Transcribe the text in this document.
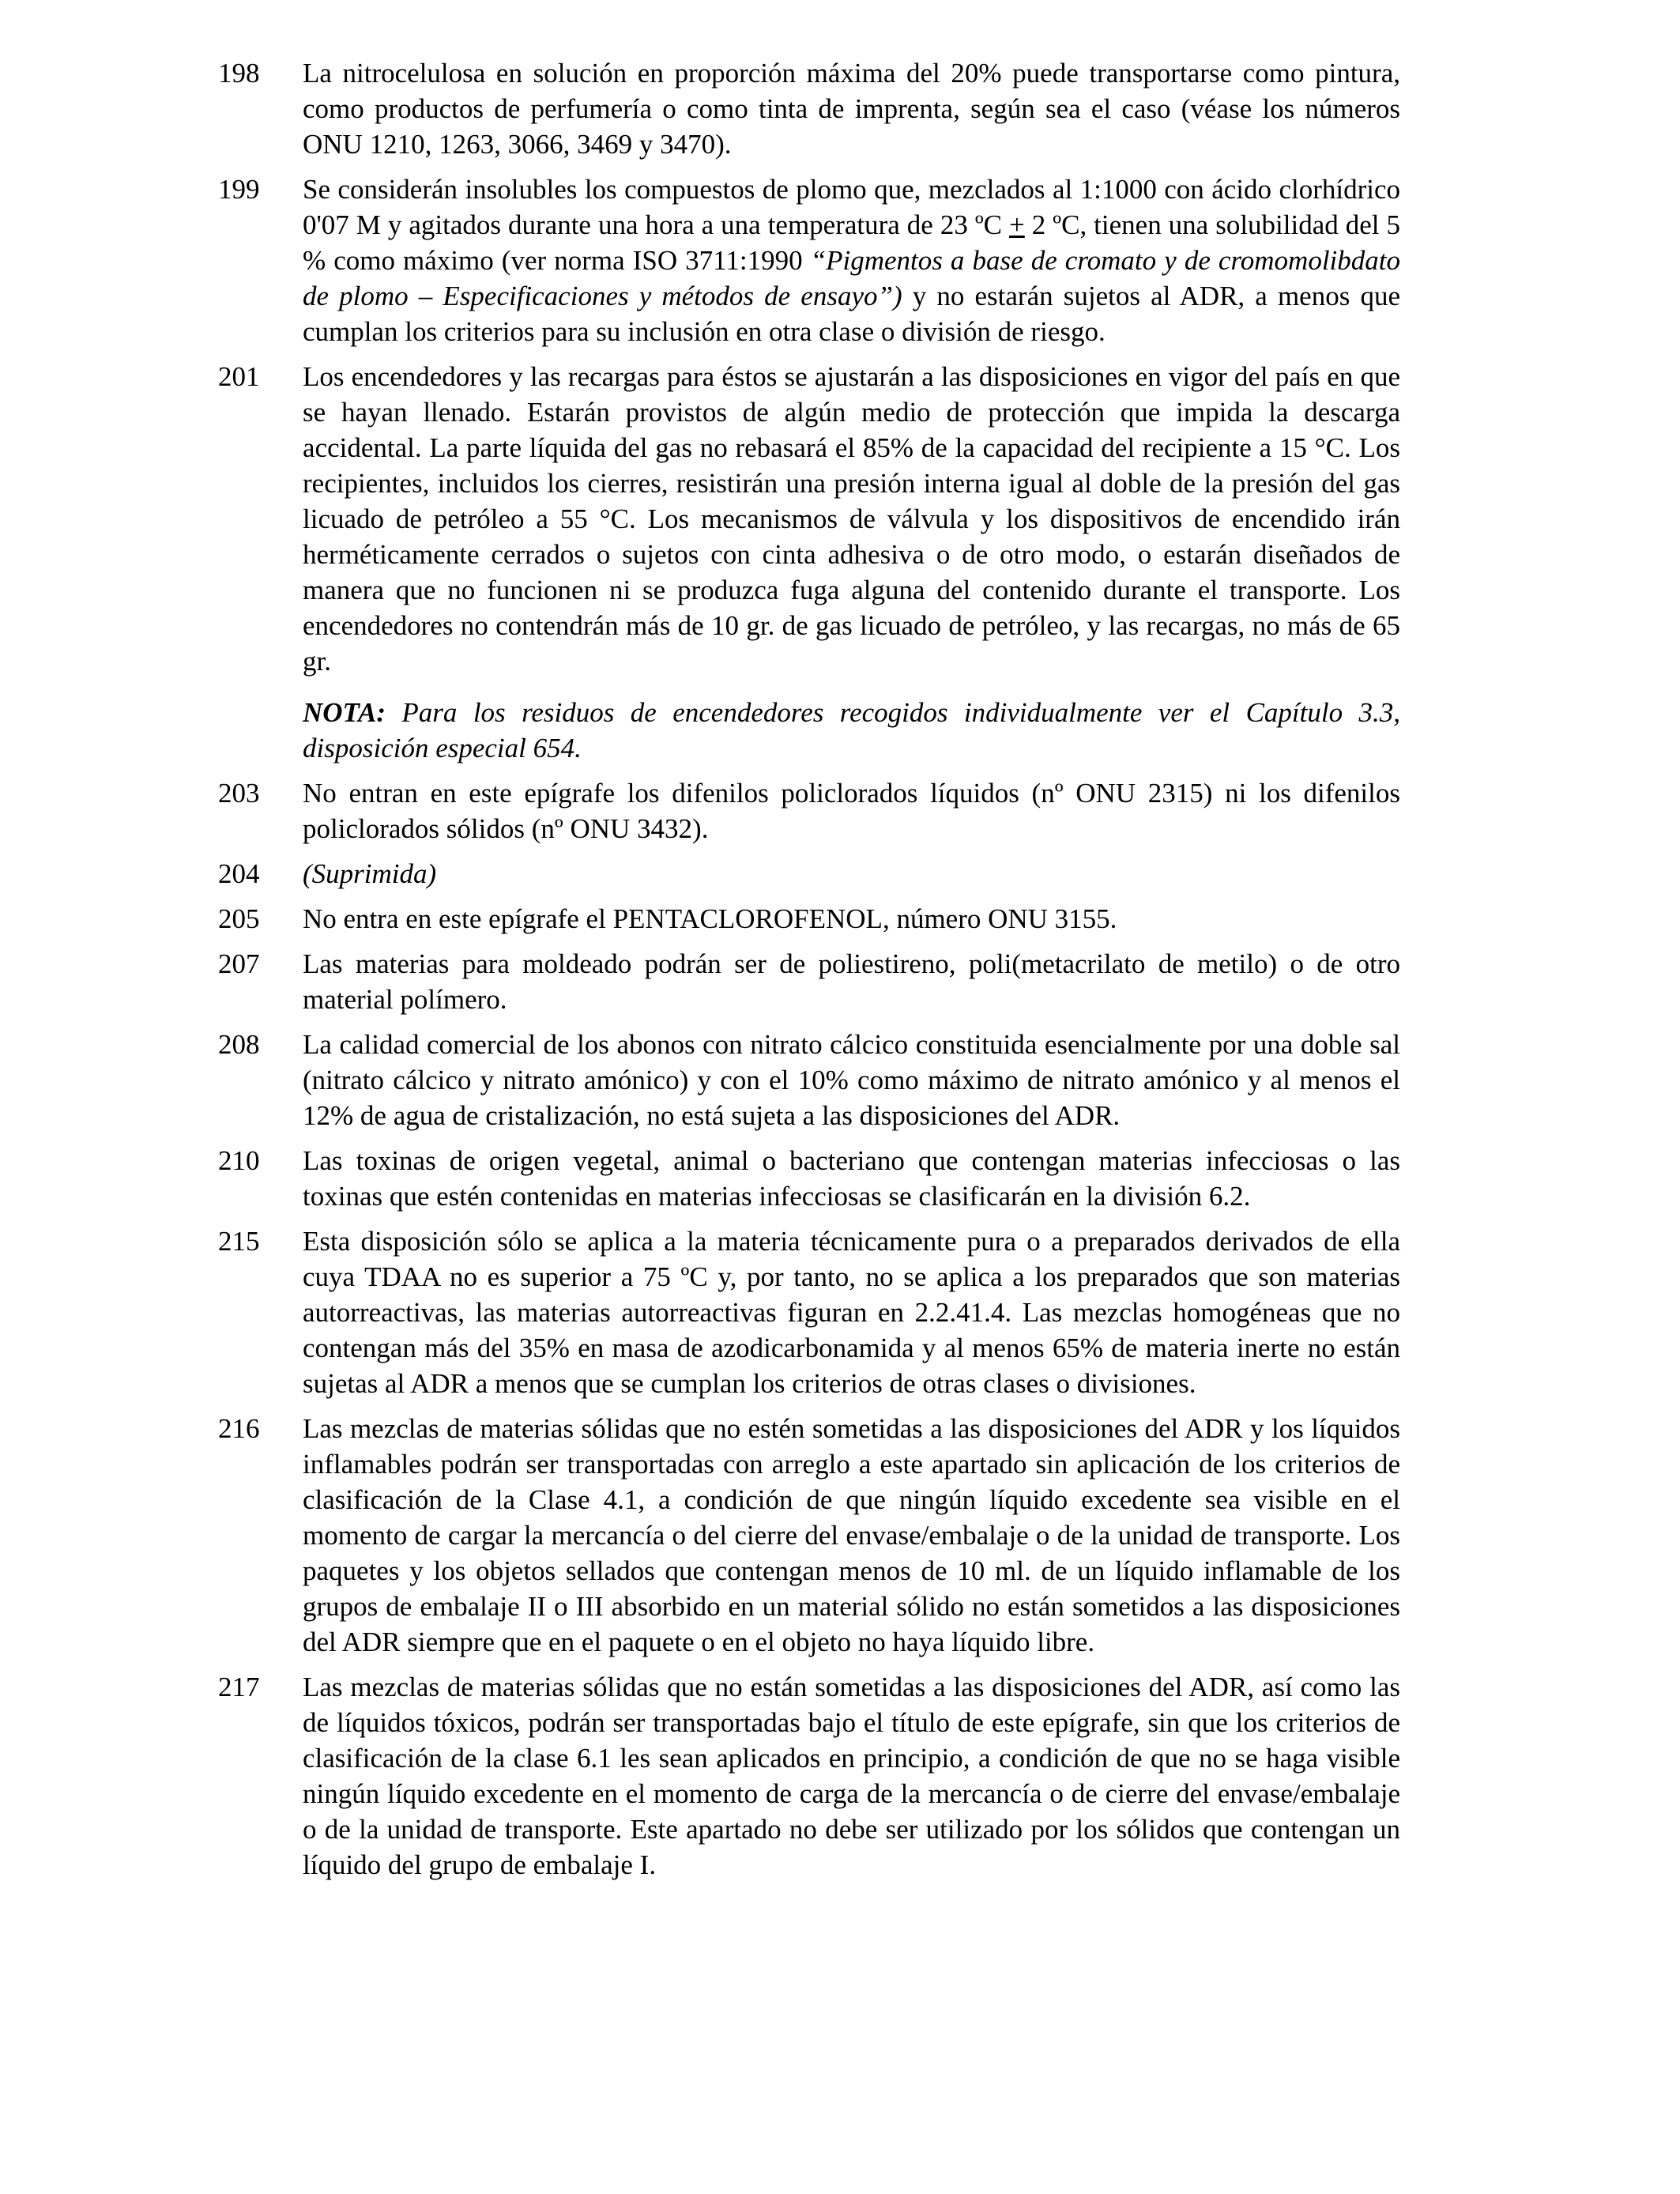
198	La nitrocelulosa en solución en proporción máxima del 20% puede transportarse como pintura, como productos de perfumería o como tinta de imprenta, según sea el caso (véase los números ONU 1210, 1263, 3066, 3469 y 3470).

199	Se considerán insolubles los compuestos de plomo que, mezclados al 1:1000 con ácido clorhídrico 0'07 M y agitados durante una hora a una temperatura de 23 ºC + 2 ºC, tienen una solubilidad del 5 % como máximo (ver norma ISO 3711:1990 “Pigmentos a base de cromato y de cromomolibdato de plomo – Especificaciones y métodos de ensayo”) y no estarán sujetos al ADR, a menos que cumplan los criterios para su inclusión en otra clase o división de riesgo.

201	Los encendedores y las recargas para éstos se ajustarán a las disposiciones en vigor del país en que se hayan llenado. Estarán provistos de algún medio de protección que impida la descarga accidental. La parte líquida del gas no rebasará el 85% de la capacidad del recipiente a 15 °C. Los recipientes, incluidos los cierres, resistirán una presión interna igual al doble de la presión del gas licuado de petróleo a 55 °C. Los mecanismos de válvula y los dispositivos de encendido irán herméticamente cerrados o sujetos con cinta adhesiva o de otro modo, o estarán diseñados de manera que no funcionen ni se produzca fuga alguna del contenido durante el transporte. Los encendedores no contendrán más de 10 gr. de gas licuado de petróleo, y las recargas, no más de 65 gr.

NOTA: Para los residuos de encendedores recogidos individualmente ver el Capítulo 3.3, disposición especial 654.

203	No entran en este epígrafe los difenilos policlorados líquidos (nº ONU 2315) ni los difenilos policlorados sólidos (nº ONU 3432).

204	(Suprimida)

205	No entra en este epígrafe el PENTACLOROFENOL, número ONU 3155.

207	Las materias para moldeado podrán ser de poliestireno, poli(metacrilato de metilo) o de otro material polímero.

208	La calidad comercial de los abonos con nitrato cálcico constituida esencialmente por una doble sal (nitrato cálcico y nitrato amónico) y con el 10% como máximo de nitrato amónico y al menos el 12% de agua de cristalización, no está sujeta a las disposiciones del ADR.

210	Las toxinas de origen vegetal, animal o bacteriano que contengan materias infecciosas o las toxinas que estén contenidas en materias infecciosas se clasificarán en la división 6.2.

215	Esta disposición sólo se aplica a la materia técnicamente pura o a preparados derivados de ella cuya TDAA no es superior a 75 ºC y, por tanto, no se aplica a los preparados que son materias autorreactivas, las materias autorreactivas figuran en 2.2.41.4. Las mezclas homogéneas que no contengan más del 35% en masa de azodicarbonamida y al menos 65% de materia inerte no están sujetas al ADR a menos que se cumplan los criterios de otras clases o divisiones.

216	Las mezclas de materias sólidas que no estén sometidas a las disposiciones del ADR y los líquidos inflamables podrán ser transportadas con arreglo a este apartado sin aplicación de los criterios de clasificación de la Clase 4.1, a condición de que ningún líquido excedente sea visible en el momento de cargar la mercancía o del cierre del envase/embalaje o de la unidad de transporte. Los paquetes y los objetos sellados que contengan menos de 10 ml. de un líquido inflamable de los grupos de embalaje II o III absorbido en un material sólido no están sometidos a las disposiciones del ADR siempre que en el paquete o en el objeto no haya líquido libre.

217	Las mezclas de materias sólidas que no están sometidas a las disposiciones del ADR, así como las de líquidos tóxicos, podrán ser transportadas bajo el título de este epígrafe, sin que los criterios de clasificación de la clase 6.1 les sean aplicados en principio, a condición de que no se haga visible ningún líquido excedente en el momento de carga de la mercancía o de cierre del envase/embalaje o de la unidad de transporte. Este apartado no debe ser utilizado por los sólidos que contengan un líquido del grupo de embalaje I.
